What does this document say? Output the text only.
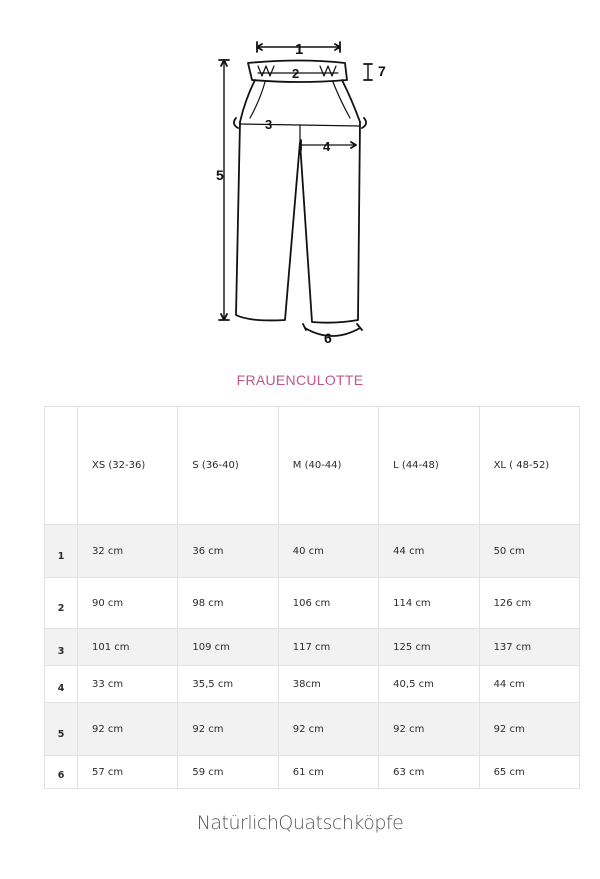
1
2
3
4
5
6
7
FRAUENCULOTTE
	XS (32-36)	S (36-40)	M (40-44)	L (44-48)	XL ( 48-52)
1	32 cm	36 cm	40 cm	44 cm	50 cm
2	90 cm	98 cm	106 cm	114 cm	126 cm
3	101 cm	109 cm	117 cm	125 cm	137 cm
4	33 cm	35,5 cm	38cm	40,5 cm	44 cm
5	92 cm	92 cm	92 cm	92 cm	92 cm
6	57 cm	59 cm	61 cm	63 cm	65 cm
NatürlichQuatschköpfe
